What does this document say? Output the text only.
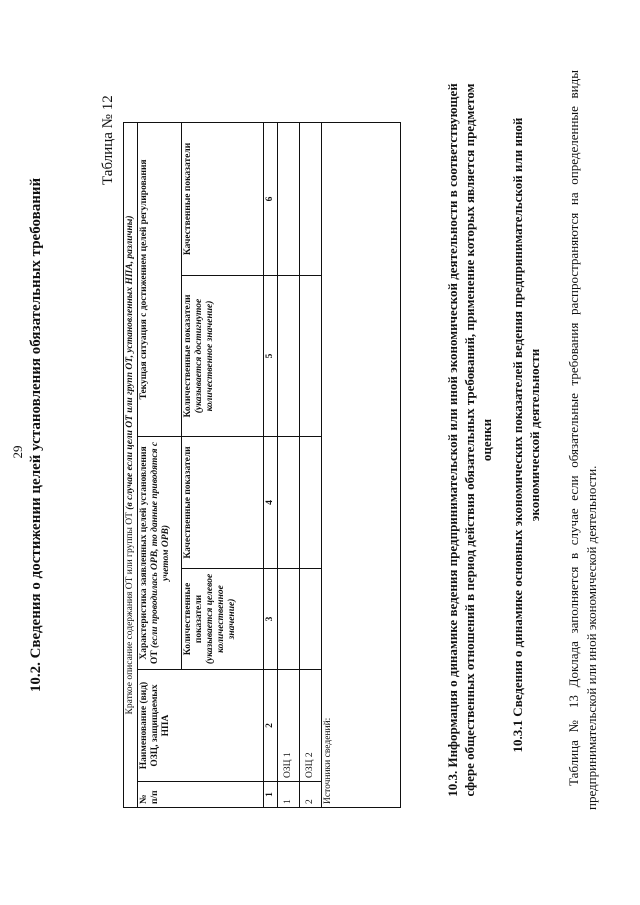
29 10.2. Сведения о достижении целей установления обязательных требований
Таблица № 12
Краткое описание содержания ОТ или группы ОТ (в случае если цели ОТ или групп ОТ, установленных НПА, различны)					
№ п/п	Наименование (вид) ОЗЦ, защищаемых НПА	Характеристика заявленных целей установления ОТ (если проводилась ОРВ, то данные приводятся с учетом ОРВ)		Текущая ситуация с достижением целей регулирования	
		Количественные показатели (указывается целевое количественное значение)	Качественные показатели	Количественные показатели (указывается достигнутое количественное значение)	Качественные показатели
1	2	3	4	5	6
1	ОЗЦ 1				
2	ОЗЦ 2				
Источники сведений:						10.3. Информация о динамике ведения предпринимательской или иной экономической деятельности в соответствующей сфере общественных отношений в период действия обязательных требований, применение которых является предметом оценки 10.3.1 Сведения о динамике основных экономических показателей ведения предпринимательской или иной экономической деятельности Таблица № 13 Доклада заполняется в случае если обязательные требования распространяются на определенные виды предпринимательской или иной экономической деятельности.
